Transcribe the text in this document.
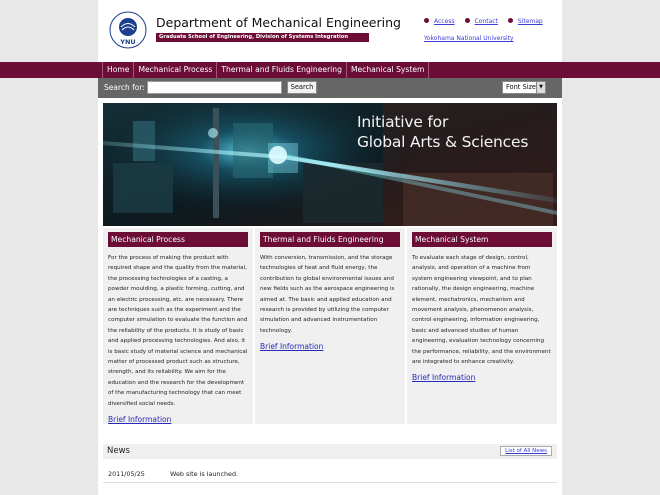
YNU
Department of Mechanical Engineering
Graduate School of Engineering, Division of Systems Integration
Access	Contact	Sitemap
Yokohama National University
Home	Mechanical Process	Thermal and Fluids Engineering	Mechanical System
Search for:	Search	Font Size ▼
Initiative for
Global Arts & Sciences
Mechanical Process
For the process of making the product with required shape and the quality from the material, the processing technologies of a casting, a powder moulding, a plastic forming, cutting, and an electric processing, etc. are necessary. There are techniques such as the experiment and the computer simulation to evaluate the function and the reliability of the products. It is study of basic and applied processing technologies. And also, it is basic study of material science and mechanical matter of processed product such as structure, strength, and its reliability. We aim for the education and the research for the development of the manufacturing technology that can meet diversified social needs.
Brief Information
Thermal and Fluids Engineering
With conversion, transmission, and the storage technologies of heat and fluid energy, the contribution to global environmental issues and new fields such as the aerospace engineering is aimed at. The basic and applied education and research is provided by utilizing the computer simulation and advanced instrumentation technology.
Brief Information
Mechanical System
To evaluate each stage of design, control, analysis, and operation of a machine from system engineering viewpoint, and to plan rationally, the design engineering, machine element, mechatronics, mechanism and movement analysis, phenomenon analysis, control engineering, information engineering, basic and advanced studies of human engineering, evaluation technology concerning the performance, reliability, and the environment are integrated to enhance creativity.
Brief Information
News	List of All News
2011/05/25	Web site is launched.
